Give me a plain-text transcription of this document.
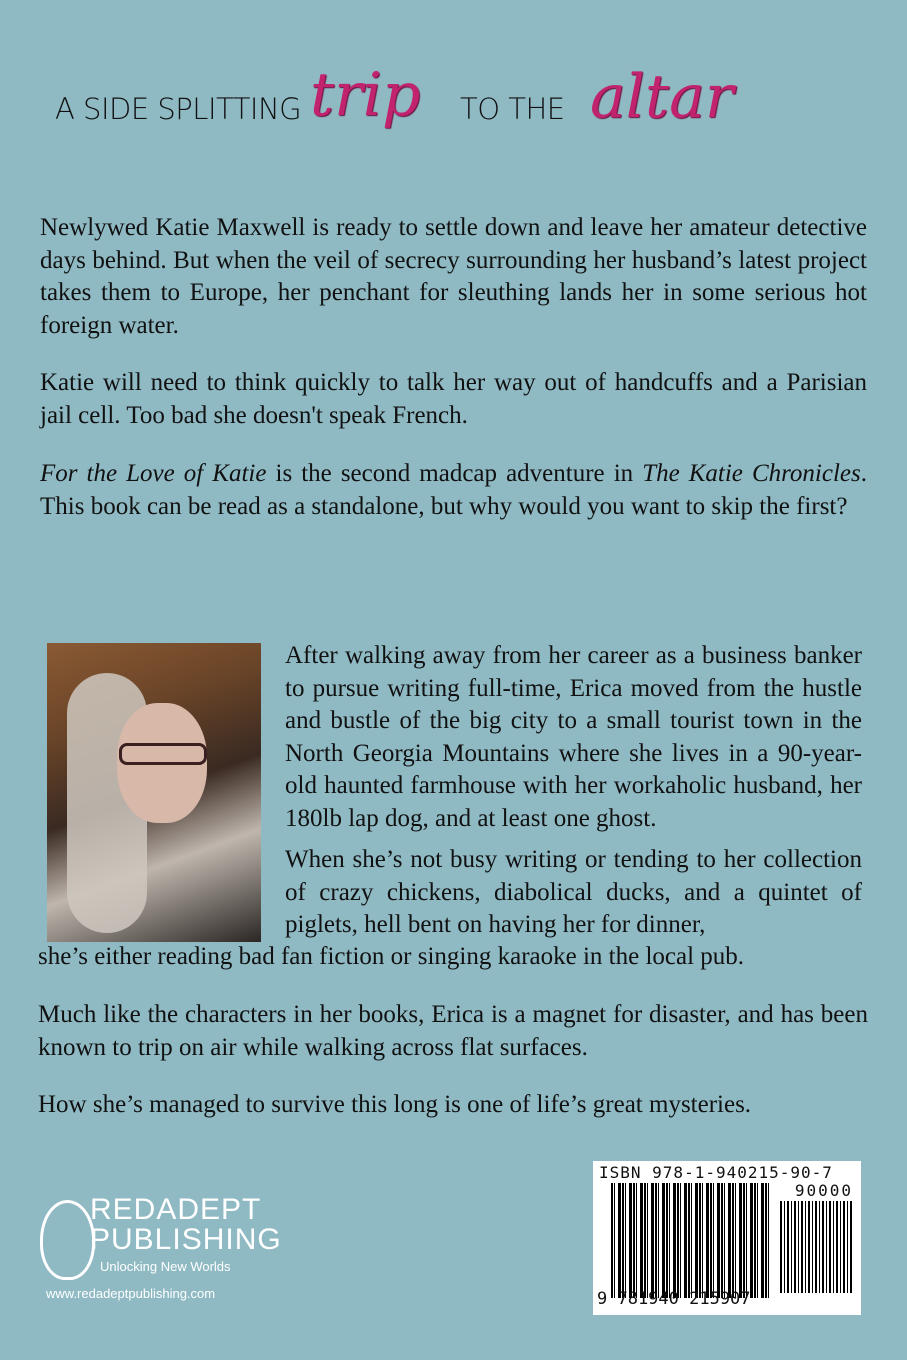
A SIDE SPLITTING trip TO THE altar

Newlywed Katie Maxwell is ready to settle down and leave her amateur detective days behind. But when the veil of secrecy surrounding her husband’s latest project takes them to Europe, her penchant for sleuthing lands her in some serious hot foreign water.

Katie will need to think quickly to talk her way out of handcuffs and a Parisian jail cell. Too bad she doesn't speak French.

For the Love of Katie is the second madcap adventure in The Katie Chronicles. This book can be read as a standalone, but why would you want to skip the first?

After walking away from her career as a business banker to pursue writing full-time, Erica moved from the hustle and bustle of the big city to a small tourist town in the North Georgia Mountains where she lives in a 90-year-old haunted farmhouse with her workaholic husband, her 180lb lap dog, and at least one ghost.

When she’s not busy writing or tending to her collection of crazy chickens, diabolical ducks, and a quintet of piglets, hell bent on having her for dinner,

she’s either reading bad fan fiction or singing karaoke in the local pub.

Much like the characters in her books, Erica is a magnet for disaster, and has been known to trip on air while walking across flat surfaces.

How she’s managed to survive this long is one of life’s great mysteries.

REDADEPT
PUBLISHING
Unlocking New Worlds
www.redadeptpublishing.com
ISBN 978-1-940215-90-7
90000
9 781940 215907
